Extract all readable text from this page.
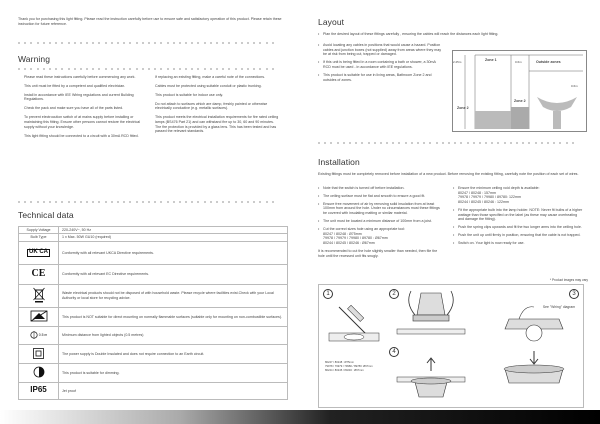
Thank you for purchasing this light fitting. Please read the instruction carefully before use to ensure safe and satisfactory operation of this product. Please retain these instruction for future reference.
Warning

Please read these instructions carefully before commencing any work.

This unit must be fitted by a competent and qualified electrician.

Install in accordance with IEE Wiring regulations and current Building Regulations.

Check the pack and make sure you have all of the parts listed.

To prevent electrocution switch of at mains supply before installing or maintaining this fitting. Ensure other persons cannot restore the electrical supply without your knowledge.

This light fitting should be connected to a circuit with a 30mA RCD fitted.

If replacing an existing fitting, make a careful note of the connections.

Cables must be protected using suitable conduit or plastic trunking.

This product is suitable for indoor use only.

Do not attach to surfaces which are damp, freshly painted or otherwise electrically conductive (e.g. metallic surfaces).

This product meets the electrical installation requirements for fire rated ceiling lamps (BS476 Part 21) and can withstand fire up to 30, 60 and 90 minutes. The fire protection is provided by a glass lens. This has been tested and has passed the relevant standards.

Technical data
Supply Voltage	220-240V~, 50 Hz
Bulb Type	1 x Max. 50W GU10 (required)
UK CA	Conformity with all relevant UKCA Directive requirements.
CE	Conformity with all relevant EC Directive requirements.
	Waste electrical products should not be disposed of with household waste. Please recycle where facilities exist.Check with your Local Authority or local store for recycling advice.
	This product is NOT suitable for direct mounting on normally flammable surfaces (suitable only for mounting on non-combustible surfaces).

0.5 m	Minimum distance from lighted objects (0.5 metres)
	The power supply is Double Insulated and does not require connection to an Earth circuit.
	This product is suitable for dimming.
IP65	Jet proof
Layout
• Plan the desired layout of these fittings carefully , ensuring the cables will reach the distances each light fitting.
• Avoid locating any cables in positions that would cause a hazard. Position cables and junction boxes (not supplied) away from areas where they may be at risk from being cut, trapped or damaged.
• If this unit is being fitted in a room containing a bath or shower, a 30mA RCD must be used - in accordance with IEE regulations.
• This product is suitable for use in living areas, Bathroom Zone 2 and outsides of zones.
Zone 1
Zone 2
Zone 2
Outside zones
2.25m	0.6m
0.6m
Installation
Existing fittings must be completely removed before installation of a new product. Before removing the existing fitting, carefully note the position of each set of wires.
• Note that the switch is turned off before installation.
• The ceiling surface must be flat and smooth to ensure a good fit.
• Ensure free movement of air by removing solid insulation from at least 100mm from around the hole. Under no circumstances must these fittings be covered with insulating matting or similar material.
• The unit must be located a minimum distance of 100mm from a joist.
• Cut the correct sizes hole using an appropriate tool:
80247 / 80248 : Ø75mm
79978 / 79979 / 79980 / 89780 : Ø67mm
80244 / 80245 / 80246 : Ø67mm
It is recommended to cut the hole slightly smaller than needed, then file the hole until the recessed unit fits snugly.
• Ensure the minimum ceiling void depth is available:
80247 / 80248 : 157mm
79978 / 79979 / 79980 / 89780: 122mm
80244 / 80245 / 80246 : 122mm
• Fit the appropriate bulb into the lamp holder. NOTE: Never fit bulbs of a higher wattage than those specified on the label (as these may cause overheating and damage the fitting).
• Push the spring clips upwards and fit the two longer arms into the ceiling hole.
• Push the unit up until firmly in position, ensuring that the cable is not trapped.
• Switch on. Your light is now ready for use.
* Product images may vary
1	2	3
4
See "Wiring" diagram
80247 / 80248 : Ø75mm
79978 / 79979 / 79980 / 89780: Ø67mm
80244 / 80245 / 80246 : Ø67mm
